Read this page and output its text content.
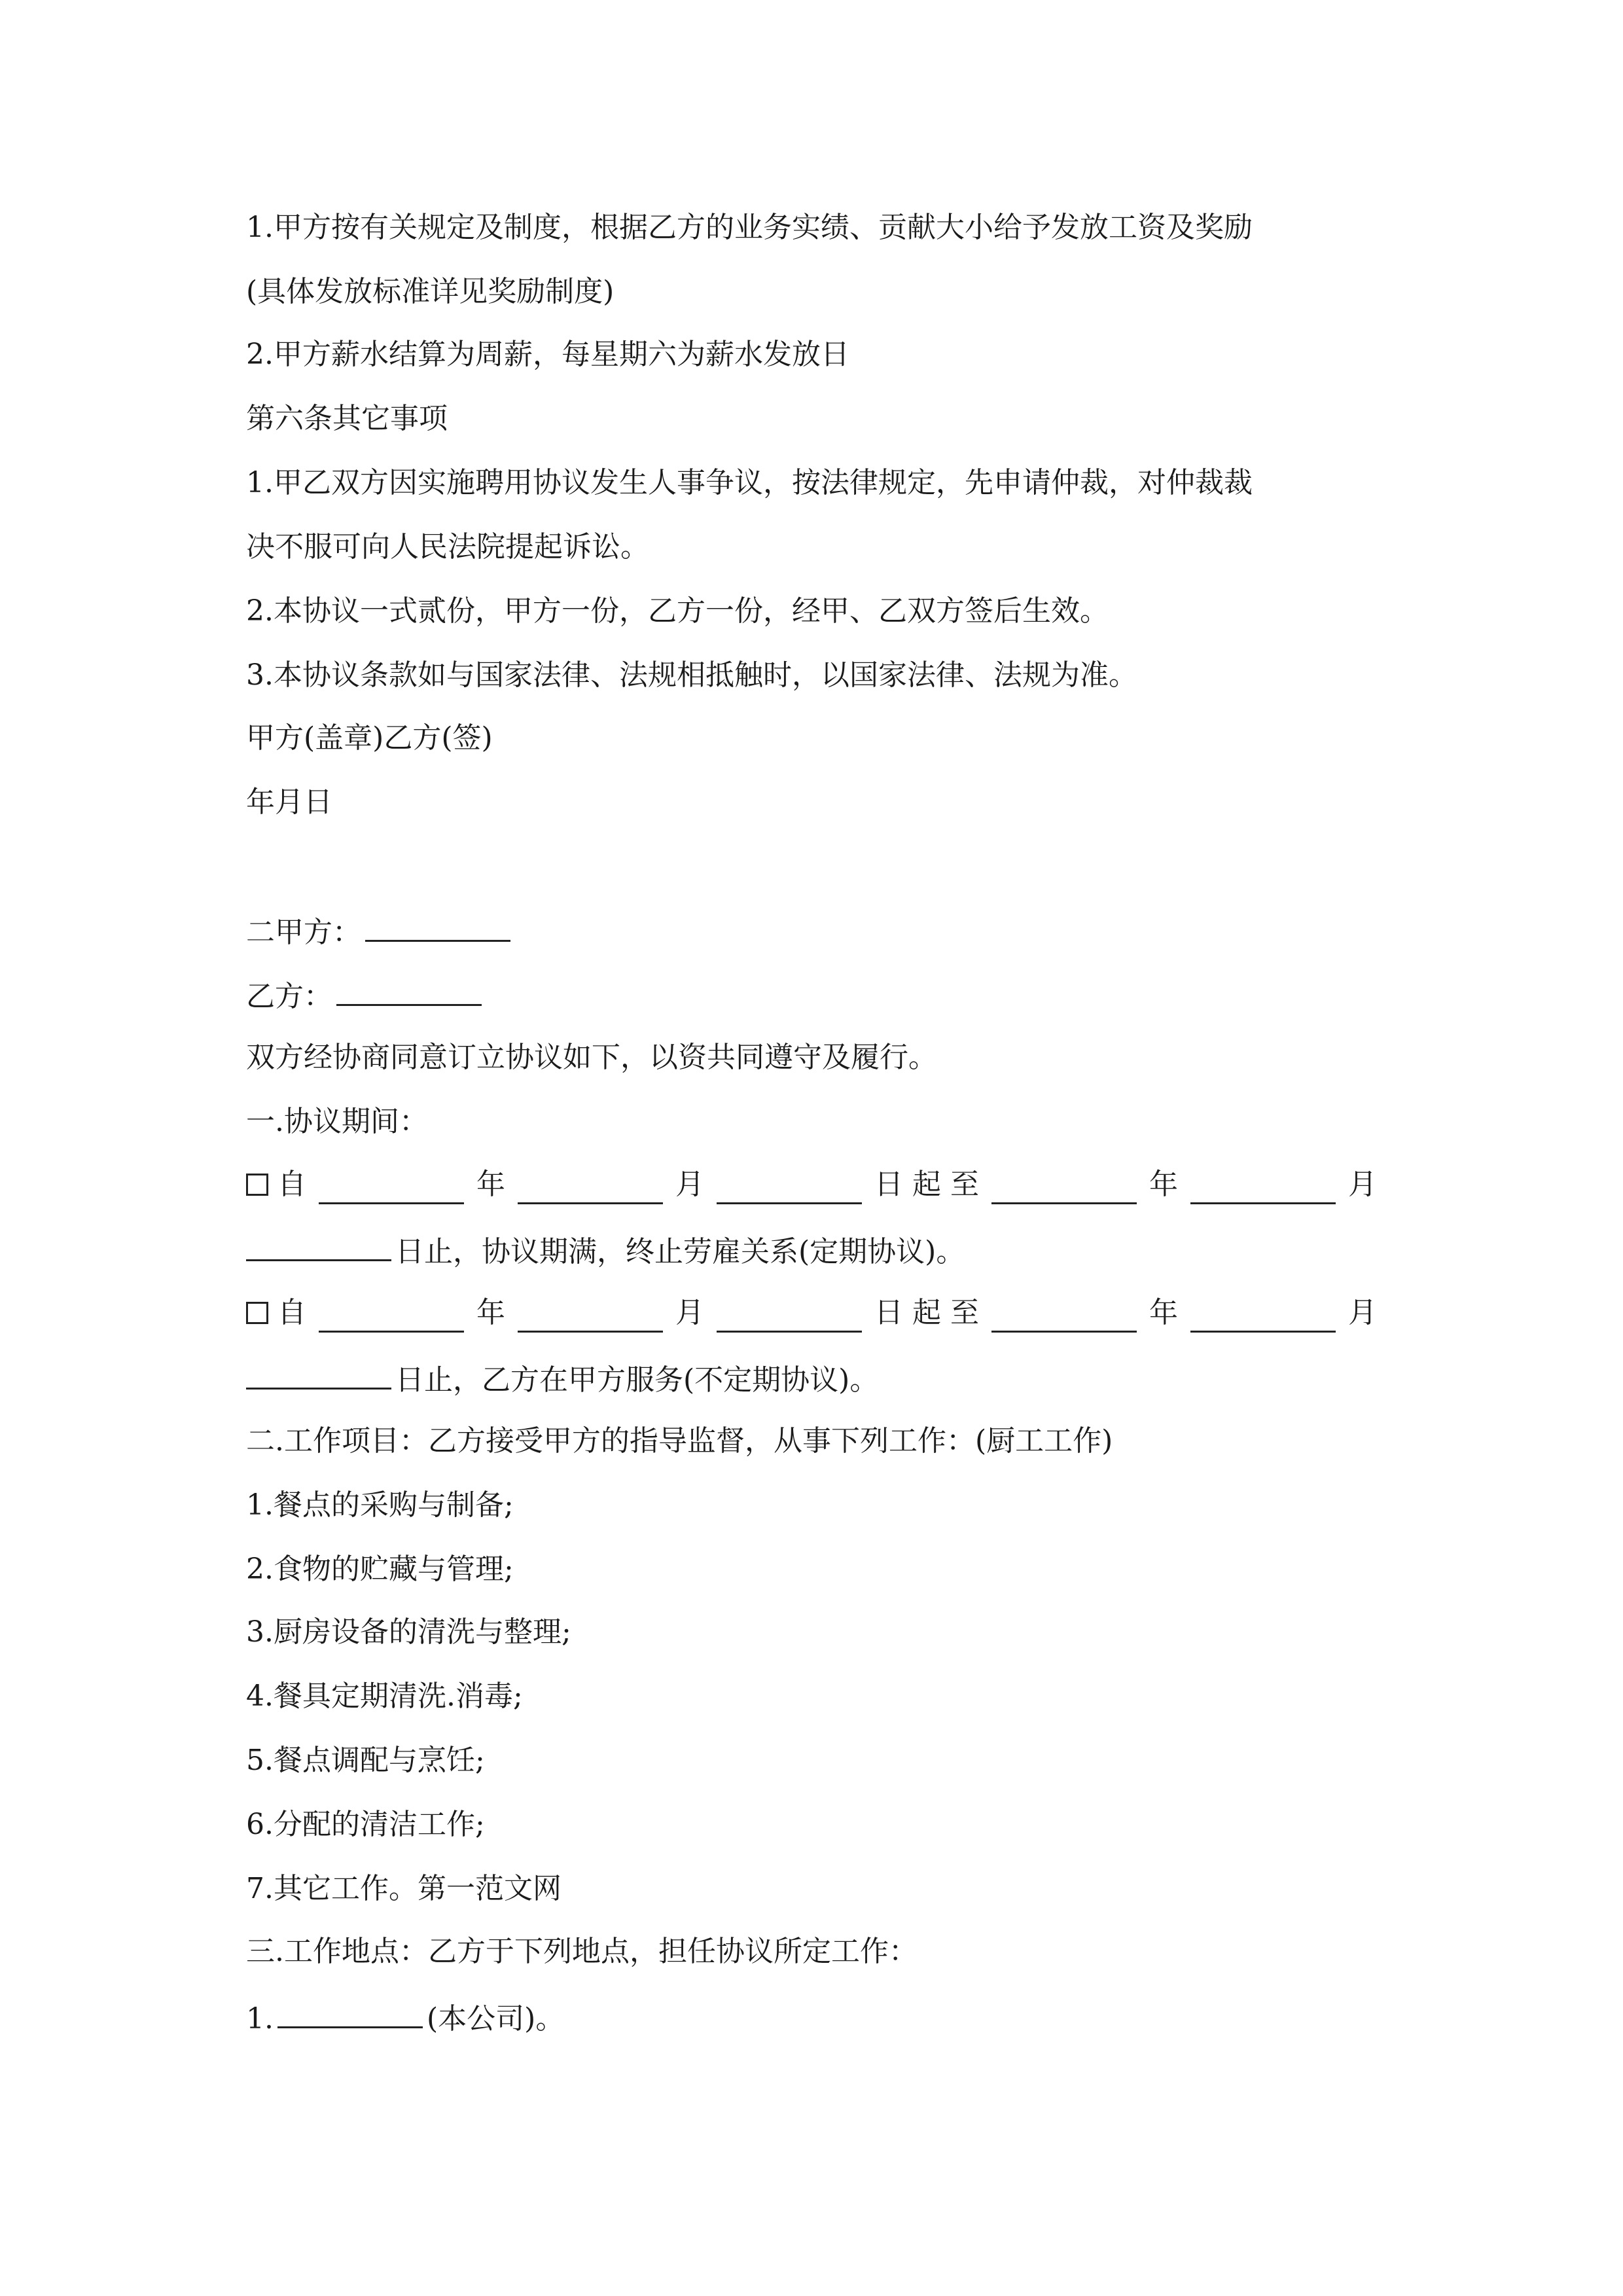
1.甲方按有关规定及制度，根据乙方的业务实绩、贡献大小给予发放工资及奖励
(具体发放标准详见奖励制度)
2.甲方薪水结算为周薪，每星期六为薪水发放日
第六条其它事项
1.甲乙双方因实施聘用协议发生人事争议，按法律规定，先申请仲裁，对仲裁裁
决不服可向人民法院提起诉讼。
2.本协议一式贰份，甲方一份，乙方一份，经甲、乙双方签后生效。
3.本协议条款如与国家法律、法规相抵触时，以国家法律、法规为准。
甲方(盖章)乙方(签)
年月日
二甲方：
乙方：
双方经协商同意订立协议如下，以资共同遵守及履行。
一.协议期间：
自	年	月	日 起 至	年	月
日止，协议期满，终止劳雇关系(定期协议)。
自	年	月	日 起 至	年	月
日止，乙方在甲方服务(不定期协议)。
二.工作项目：乙方接受甲方的指导监督，从事下列工作：(厨工工作)
1.餐点的采购与制备;
2.食物的贮藏与管理;
3.厨房设备的清洗与整理;
4.餐具定期清洗.消毒;
5.餐点调配与烹饪;
6.分配的清洁工作;
7.其它工作。第一范文网
三.工作地点：乙方于下列地点，担任协议所定工作：
1.	(本公司)。
